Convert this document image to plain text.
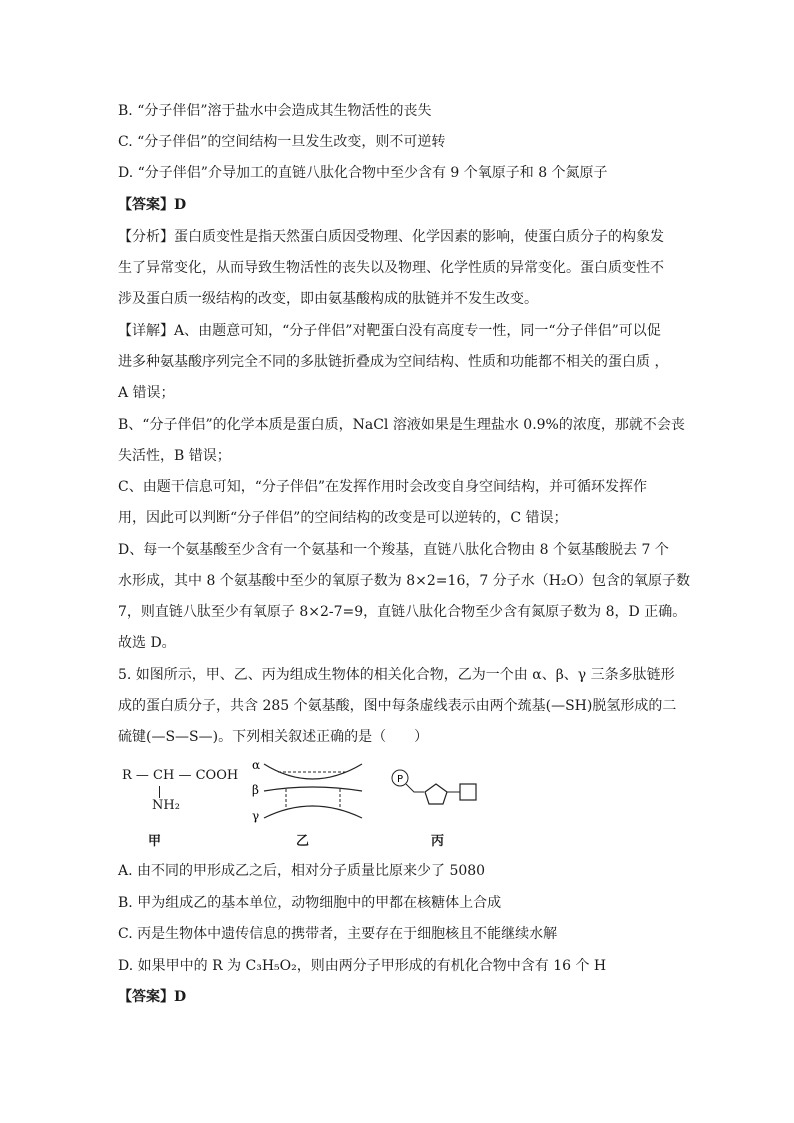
B. “分子伴侣”溶于盐水中会造成其生物活性的丧失
C. “分子伴侣”的空间结构一旦发生改变，则不可逆转
D. “分子伴侣”介导加工的直链八肽化合物中至少含有 9 个氧原子和 8 个氮原子
【答案】D
【分析】蛋白质变性是指天然蛋白质因受物理、化学因素的影响，使蛋白质分子的构象发
生了异常变化，从而导致生物活性的丧失以及物理、化学性质的异常变化。蛋白质变性不
涉及蛋白质一级结构的改变，即由氨基酸构成的肽链并不发生改变。
【详解】A、由题意可知，“分子伴侣”对靶蛋白没有高度专一性，同一“分子伴侣”可以促
进多种氨基酸序列完全不同的多肽链折叠成为空间结构、性质和功能都不相关的蛋白质 ，
A 错误；
B、“分子伴侣”的化学本质是蛋白质，NaCl 溶液如果是生理盐水 0.9%的浓度，那就不会丧
失活性，B 错误；
C、由题干信息可知，“分子伴侣”在发挥作用时会改变自身空间结构，并可循环发挥作
用，因此可以判断“分子伴侣”的空间结构的改变是可以逆转的，C 错误；
D、每一个氨基酸至少含有一个氨基和一个羧基，直链八肽化合物由 8 个氨基酸脱去 7 个
水形成，其中 8 个氨基酸中至少的氧原子数为 8×2=16，7 分子水（H₂O）包含的氧原子数
7，则直链八肽至少有氧原子 8×2-7=9，直链八肽化合物至少含有氮原子数为 8，D 正确。
故选 D。
5. 如图所示，甲、乙、丙为组成生物体的相关化合物，乙为一个由 α、β、γ 三条多肽链形
成的蛋白质分子，共含 285 个氨基酸，图中每条虚线表示由两个巯基(—SH)脱氢形成的二
硫键(—S—S—)。下列相关叙述正确的是（　　）
R — CH — COOH
NH₂
甲
α
β
γ
乙
P
丙
A. 由不同的甲形成乙之后，相对分子质量比原来少了 5080
B. 甲为组成乙的基本单位，动物细胞中的甲都在核糖体上合成
C. 丙是生物体中遗传信息的携带者，主要存在于细胞核且不能继续水解
D. 如果甲中的 R 为 C₃H₅O₂，则由两分子甲形成的有机化合物中含有 16 个 H
【答案】D
